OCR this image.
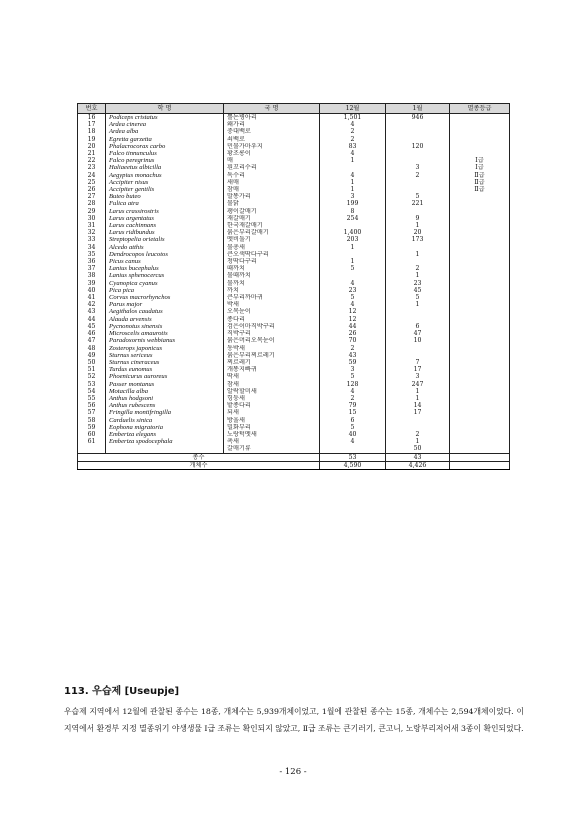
번호	학 명	국 명	12월	1월	멸종등급
16	Podiceps cristatus	뿔논병아리	1,501	946	
17	Ardea cinerea	왜가리	4		
18	Ardea alba	중대백로	2		
19	Egretta garzetta	쇠백로	2		
20	Phalacrocorax carbo	민물가마우지	83	120	
21	Falco tinnunculus	황조롱이	4		
22	Falco peregrinus	매	1		Ⅰ급
23	Haliaeetus albicilla	흰꼬리수리		3	Ⅰ급
24	Aegypius monachus	독수리	4	2	Ⅱ급
25	Accipiter nisus	새매	1		Ⅱ급
26	Accipiter gentilis	참매	1		Ⅱ급
27	Buteo buteo	말똥가리	3	5	
28	Fulica atra	물닭	199	221	
29	Larus crassirostris	괭이갈매기	8		
30	Larus argentatus	재갈매기	254	9	
31	Larus cachinnans	한국재갈매기		1	
32	Larus ridibundus	붉은부리갈매기	1,400	20	
33	Streptopelia orietalis	멧비둘기	203	173	
34	Alcedo atthis	물총새	1		
35	Dendrocopos leucotos	큰오색딱다구리		1	
36	Picus canus	청딱다구리	1		
37	Lanius bucephalus	때까치	5	2	
38	Lanius sphenocercus	물때까치		1	
39	Cyanopica cyanus	물까치	4	23	
40	Pica pica	까치	23	45	
41	Corvus macrorhynchos	큰부리까마귀	5	5	
42	Parus major	박새	4	1	
43	Aegithalos caudatus	오목눈이	12		
44	Alauda arvensis	종다리	12		
45	Pycnonotus sinensis	검은이마직박구리	44	6	
46	Microscelis amaurotis	직박구리	26	47	
47	Paradoxornis webbianus	붉은머리오목눈이	70	10	
48	Zosterops japonicus	동박새	2		
49	Sturnus sericeus	붉은부리찌르레기	43		
50	Sturnus cineraceus	찌르레기	59	7	
51	Turdus eunomus	개똥지빠귀	3	17	
52	Phoenicurus auroreus	딱새	5	3	
53	Passer montanus	참새	128	247	
54	Motacilla alba	알락할미새	4	1	
55	Anthus hodgsoni	힝둥새	2	1	
56	Anthus rubescens	밭종다리	79	14	
57	Fringilla montifringilla	되새	15	17	
58	Carduelis sinica	방울새	6		
59	Eophona migratoria	밀화부리	5		
60	Emberiza elegans	노랑턱멧새	40	2	
61	Emberiza spodocephala	촉새	4	1	
		갈매기류		50	
종수			53	43	
개체수			4,590	4,426	
113. 우습제 [Useupje]
우습제 지역에서 12월에 관찰된 종수는 18종, 개체수는 5,939개체이었고, 1월에 관찰된 종수는 15종, 개체수는 2,594개체이었다. 이 지역에서 환경부 지정 멸종위기 야생생물 Ⅰ급 조류는 확인되지 않았고, Ⅱ급 조류는 큰기러기, 큰고니, 노랑부리저어새 3종이 확인되었다.
- 126 -
